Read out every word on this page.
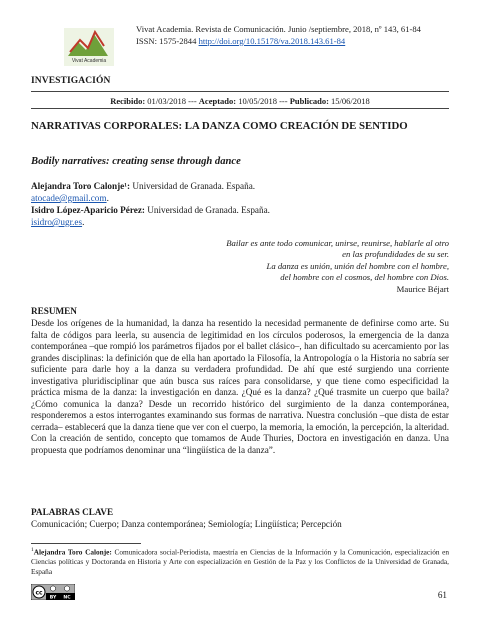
Vivat Academia
Vivat Academia. Revista de Comunicación. Junio /septiembre, 2018, nº 143, 61-84
ISSN: 1575-2844 http://doi.org/10.15178/va.2018.143.61-84
INVESTIGACIÓN
Recibido: 01/03/2018 --- Aceptado: 10/05/2018 --- Publicado: 15/06/2018
NARRATIVAS CORPORALES: LA DANZA COMO CREACIÓN DE SENTIDO
Bodily narratives: creating sense through dance
Alejandra Toro Calonje¹: Universidad de Granada. España.
atocade@gmail.com.
Isidro López-Aparicio Pérez: Universidad de Granada. España.
isidro@ugr.es.
Bailar es ante todo comunicar, unirse, reunirse, hablarle al otro
en las profundidades de su ser.
La danza es unión, unión del hombre con el hombre,
del hombre con el cosmos, del hombre con Dios.
Maurice Béjart
RESUMEN
Desde los orígenes de la humanidad, la danza ha resentido la necesidad permanente de definirse como arte. Su falta de códigos para leerla, su ausencia de legitimidad en los círculos poderosos, la emergencia de la danza contemporánea –que rompió los parámetros fijados por el ballet clásico–, han dificultado su acercamiento por las grandes disciplinas: la definición que de ella han aportado la Filosofía, la Antropología o la Historia no sabría ser suficiente para darle hoy a la danza su verdadera profundidad. De ahí que esté surgiendo una corriente investigativa pluridisciplinar que aún busca sus raíces para consolidarse, y que tiene como especificidad la práctica misma de la danza: la investigación en danza. ¿Qué es la danza? ¿Qué trasmite un cuerpo que baila? ¿Cómo comunica la danza? Desde un recorrido histórico del surgimiento de la danza contemporánea, responderemos a estos interrogantes examinando sus formas de narrativa. Nuestra conclusión –que dista de estar cerrada– establecerá que la danza tiene que ver con el cuerpo, la memoria, la emoción, la percepción, la alteridad. Con la creación de sentido, concepto que tomamos de Aude Thuries, Doctora en investigación en danza. Una propuesta que podríamos denominar una “lingüística de la danza”.
PALABRAS CLAVE
Comunicación; Cuerpo; Danza contemporánea; Semiología; Lingüística; Percepción
$^1$Alejandra Toro Calonje: Comunicadora social-Periodista, maestría en Ciencias de la Información y la Comunicación, especialización en Ciencias políticas y Doctoranda en Historia y Arte con especialización en Gestión de la Paz y los Conflictos de la Universidad de Granada, España
cc
BY NC	61
